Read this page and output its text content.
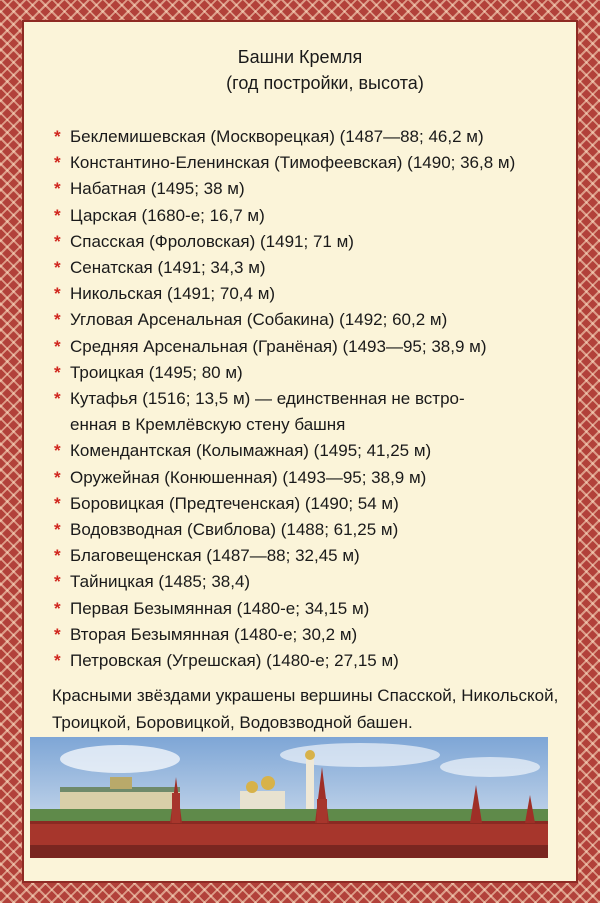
Башни Кремля
(год постройки, высота)
* Беклемишевская (Москворецкая) (1487—88; 46,2 м)
* Константино-Еленинская (Тимофеевская) (1490; 36,8 м)
* Набатная (1495; 38 м)
* Царская (1680-е; 16,7 м)
* Спасская (Фроловская) (1491; 71 м)
* Сенатская (1491; 34,3 м)
* Никольская (1491; 70,4 м)
* Угловая Арсенальная (Собакина) (1492; 60,2 м)
* Средняя Арсенальная (Гранёная) (1493—95; 38,9 м)
* Троицкая (1495; 80 м)
* Кутафья (1516; 13,5 м) — единственная не встро-
енная в Кремлёвскую стену башня
* Комендантская (Колымажная) (1495; 41,25 м)
* Оружейная (Конюшенная) (1493—95; 38,9 м)
* Боровицкая (Предтеченская) (1490; 54 м)
* Водовзводная (Свиблова) (1488; 61,25 м)
* Благовещенская (1487—88; 32,45 м)
* Тайницкая (1485; 38,4)
* Первая Безымянная (1480-е; 34,15 м)
* Вторая Безымянная (1480-е; 30,2 м)
* Петровская (Угрешская) (1480-е; 27,15 м)

Красными звёздами украшены вершины Спасской, Никольской, Троицкой, Боровицкой, Водовзводной башен.
